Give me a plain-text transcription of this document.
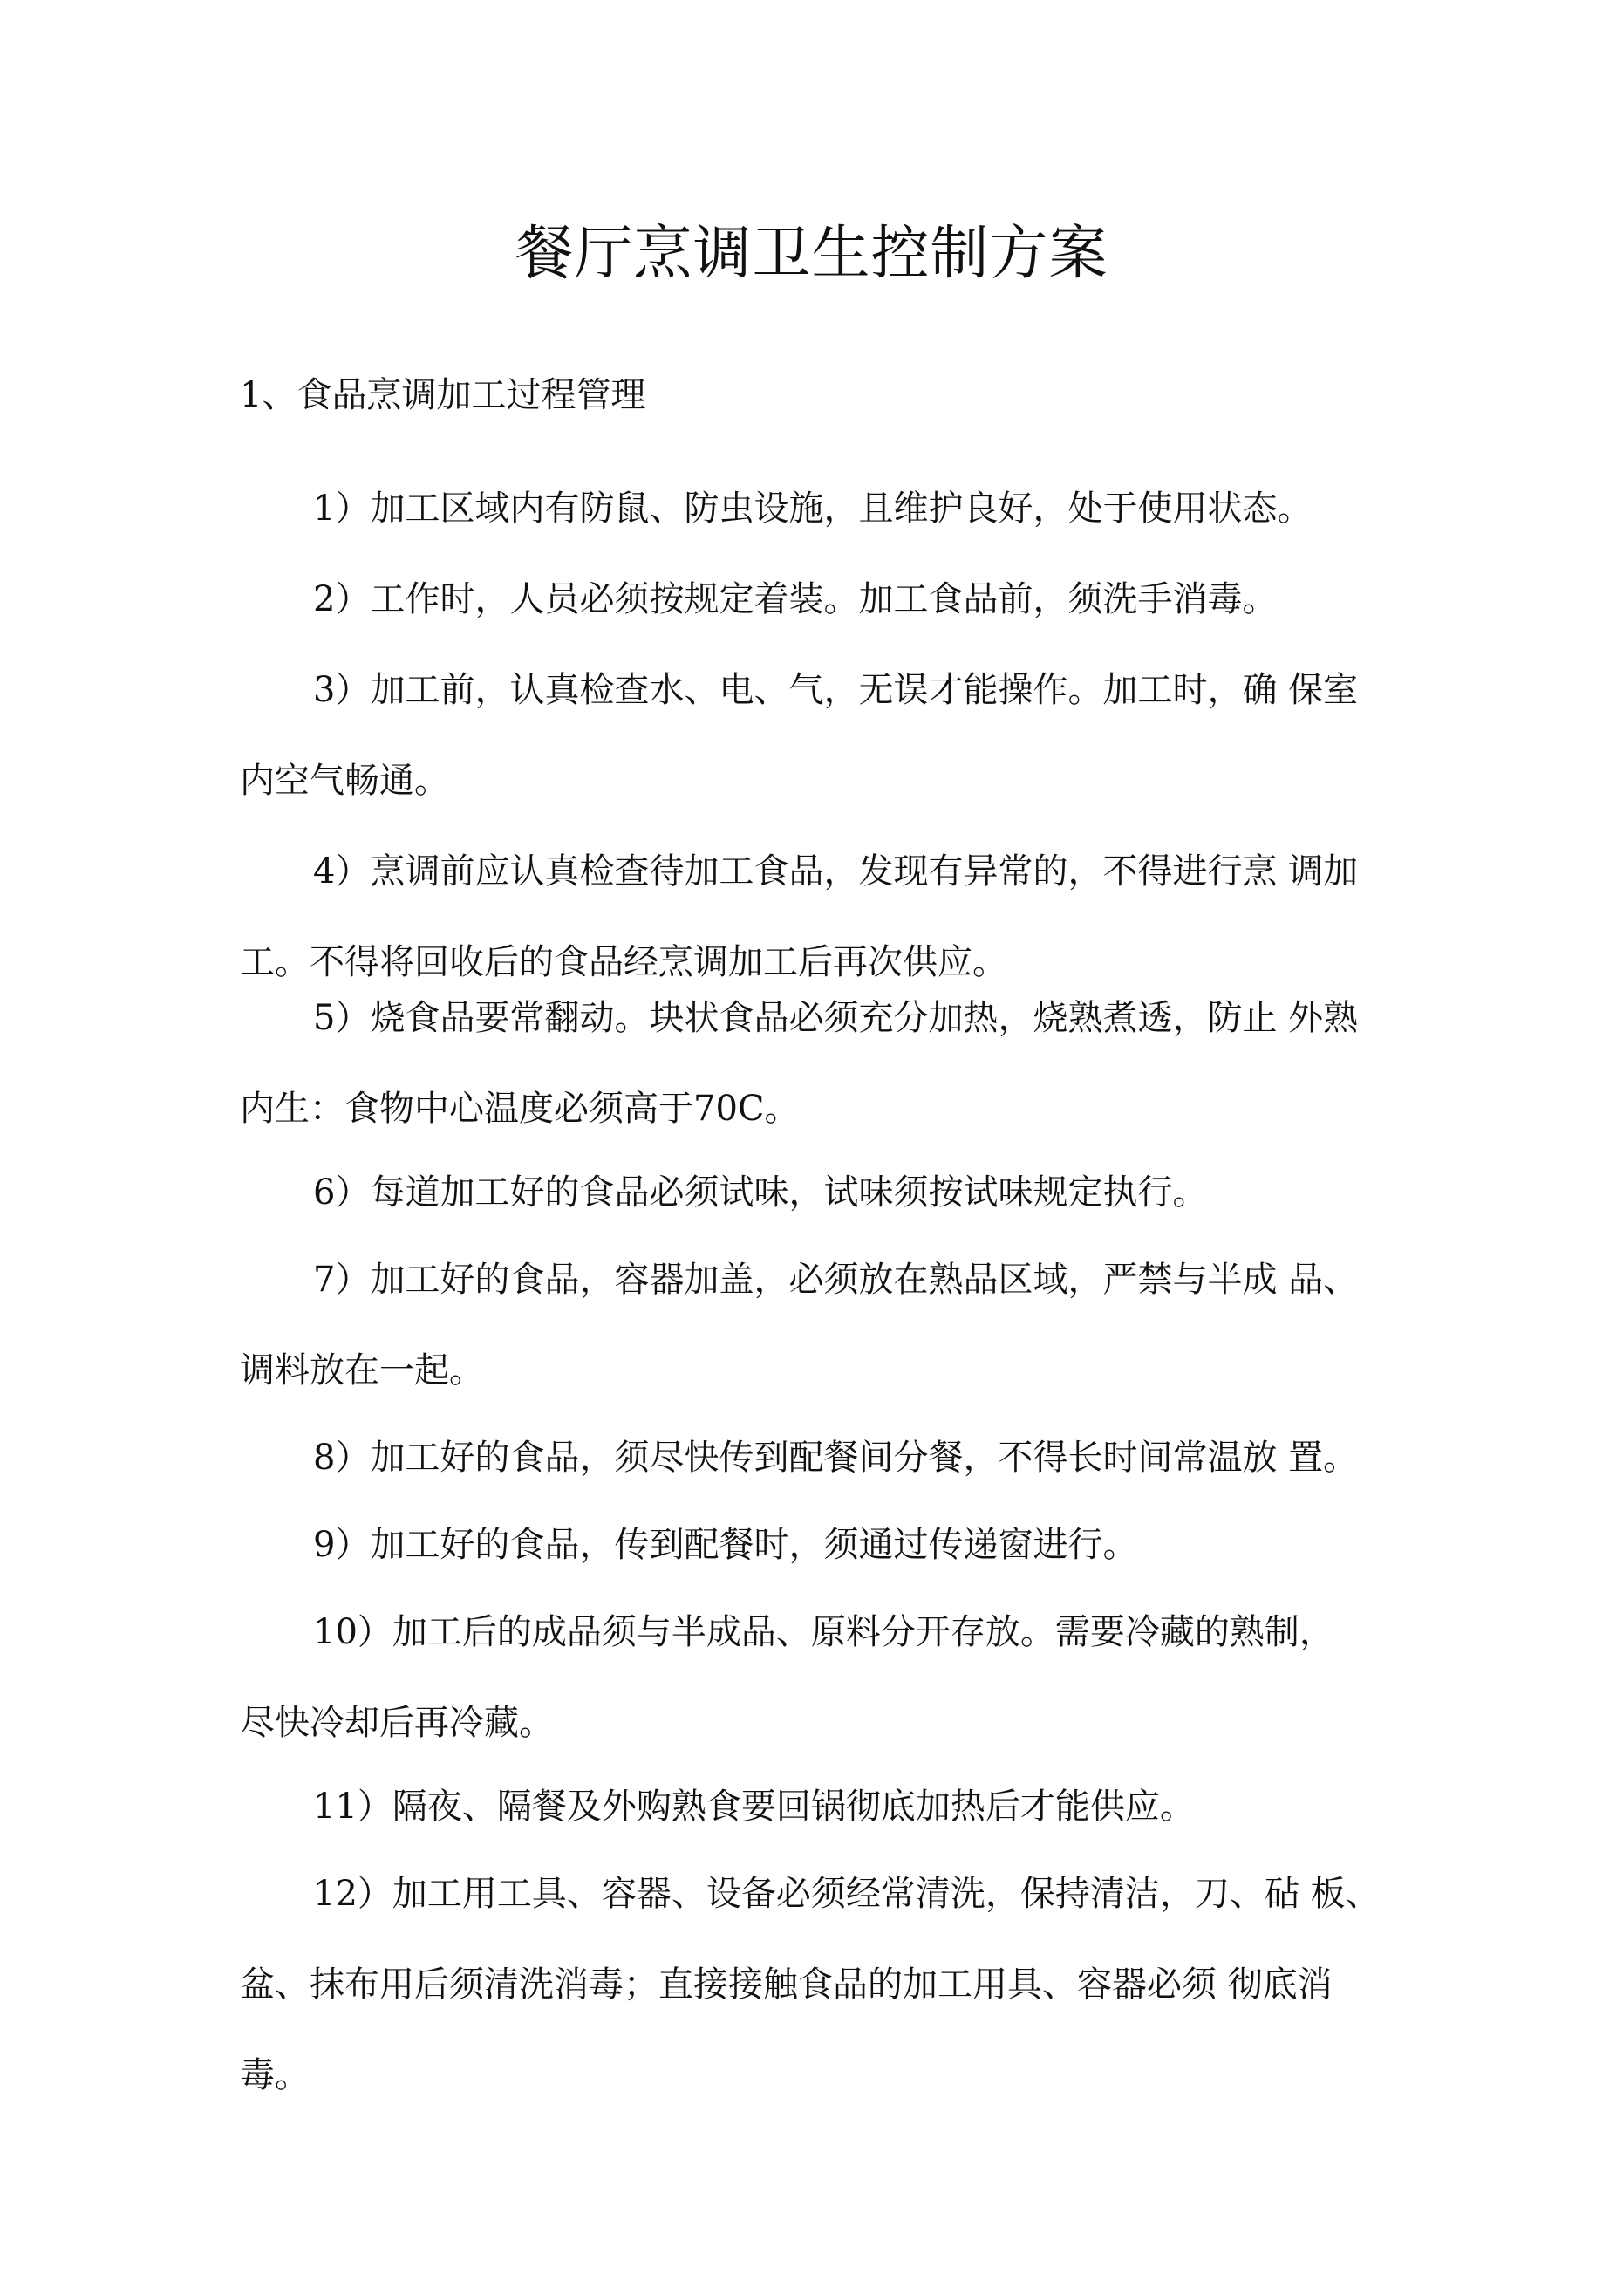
餐厅烹调卫生控制方案
1、食品烹调加工过程管理
1）加工区域内有防鼠、防虫设施，且维护良好，处于使用状态。
2）工作时，人员必须按规定着装。加工食品前，须洗手消毒。
3）加工前，认真检查水、电、气，无误才能操作。加工时，确 保室
内空气畅通。
4）烹调前应认真检查待加工食品，发现有异常的，不得进行烹 调加
工。不得将回收后的食品经烹调加工后再次供应。
5）烧食品要常翻动。块状食品必须充分加热，烧熟煮透，防止 外熟
内生：食物中心温度必须高于70C。
6）每道加工好的食品必须试味，试味须按试味规定执行。
7）加工好的食品，容器加盖，必须放在熟品区域，严禁与半成 品、
调料放在一起。
8）加工好的食品，须尽快传到配餐间分餐，不得长时间常温放 置。
9）加工好的食品，传到配餐时，须通过传递窗进行。
10）加工后的成品须与半成品、原料分开存放。需要冷藏的熟制，
尽快冷却后再冷藏。
11）隔夜、隔餐及外购熟食要回锅彻底加热后才能供应。
12）加工用工具、容器、设备必须经常清洗，保持清洁，刀、砧 板、
盆、抹布用后须清洗消毒；直接接触食品的加工用具、容器必须 彻底消
毒。
